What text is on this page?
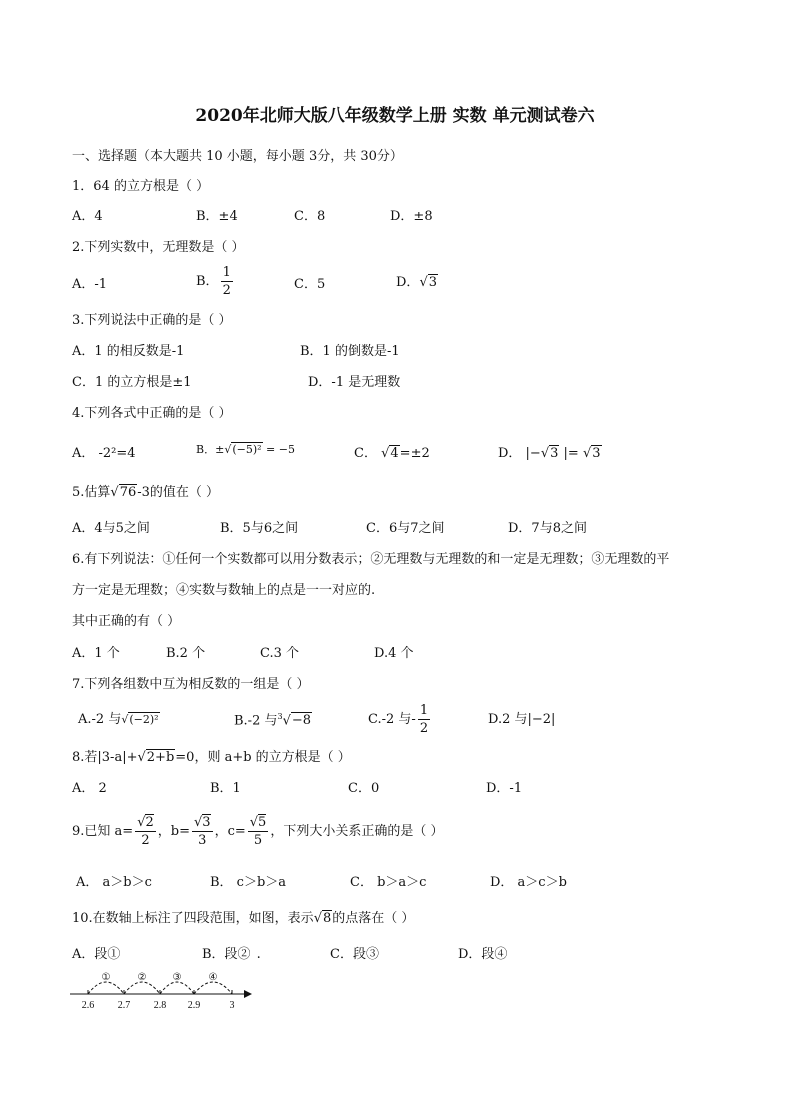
2020年北师大版八年级数学上册 实数 单元测试卷六
一、选择题（本大题共 10 小题，每小题 3分，共 30分）
1．64 的立方根是（ ）
A．4	B．±4	C．8	D．±8
2.下列实数中，无理数是（ ）
A．-1	B． $\frac{1}{2}$	C．5	D．√3
3.下列说法中正确的是（ ）
A．1 的相反数是-1	B．1 的倒数是-1
C．1 的立方根是±1	D．-1 是无理数
4.下列各式中正确的是（ ）
A． -2²=4	B．±√(−5)² = −5	C． √4=±2	D． |−√3 |= √3
5.估算√76-3的值在（ ）
A．4与5之间	B．5与6之间	C．6与7之间	D．7与8之间
6.有下列说法：①任何一个实数都可以用分数表示；②无理数与无理数的和一定是无理数；③无理数的平
方一定是无理数；④实数与数轴上的点是一一对应的.
其中正确的有（ ）
A．1 个	B.2 个	C.3 个	D.4 个
7.下列各组数中互为相反数的一组是（ ）
A.-2 与√(−2)²	B.-2 与$^3$√−8	C.-2 与- $\frac{1}{2}$	D.2 与|−2|
8.若|3-a|+√2+b=0，则 a+b 的立方根是（ ）
A． 2	B．1	C．0	D．-1
9.已知 $a= \frac{√2}{2}$ ，$b= \frac{√3}{3}$ ，$c= \frac{√5}{5}$ ，下列大小关系正确的是（ ）
A． a＞b＞c	B． c＞b＞a	C． b＞a＞c	D． a＞c＞b
10.在数轴上标注了四段范围，如图，表示√8的点落在（ ）
A．段①	B．段② .	C．段③	D．段④
①	②	③	④
2.6 2.7 2.8 2.9	3
